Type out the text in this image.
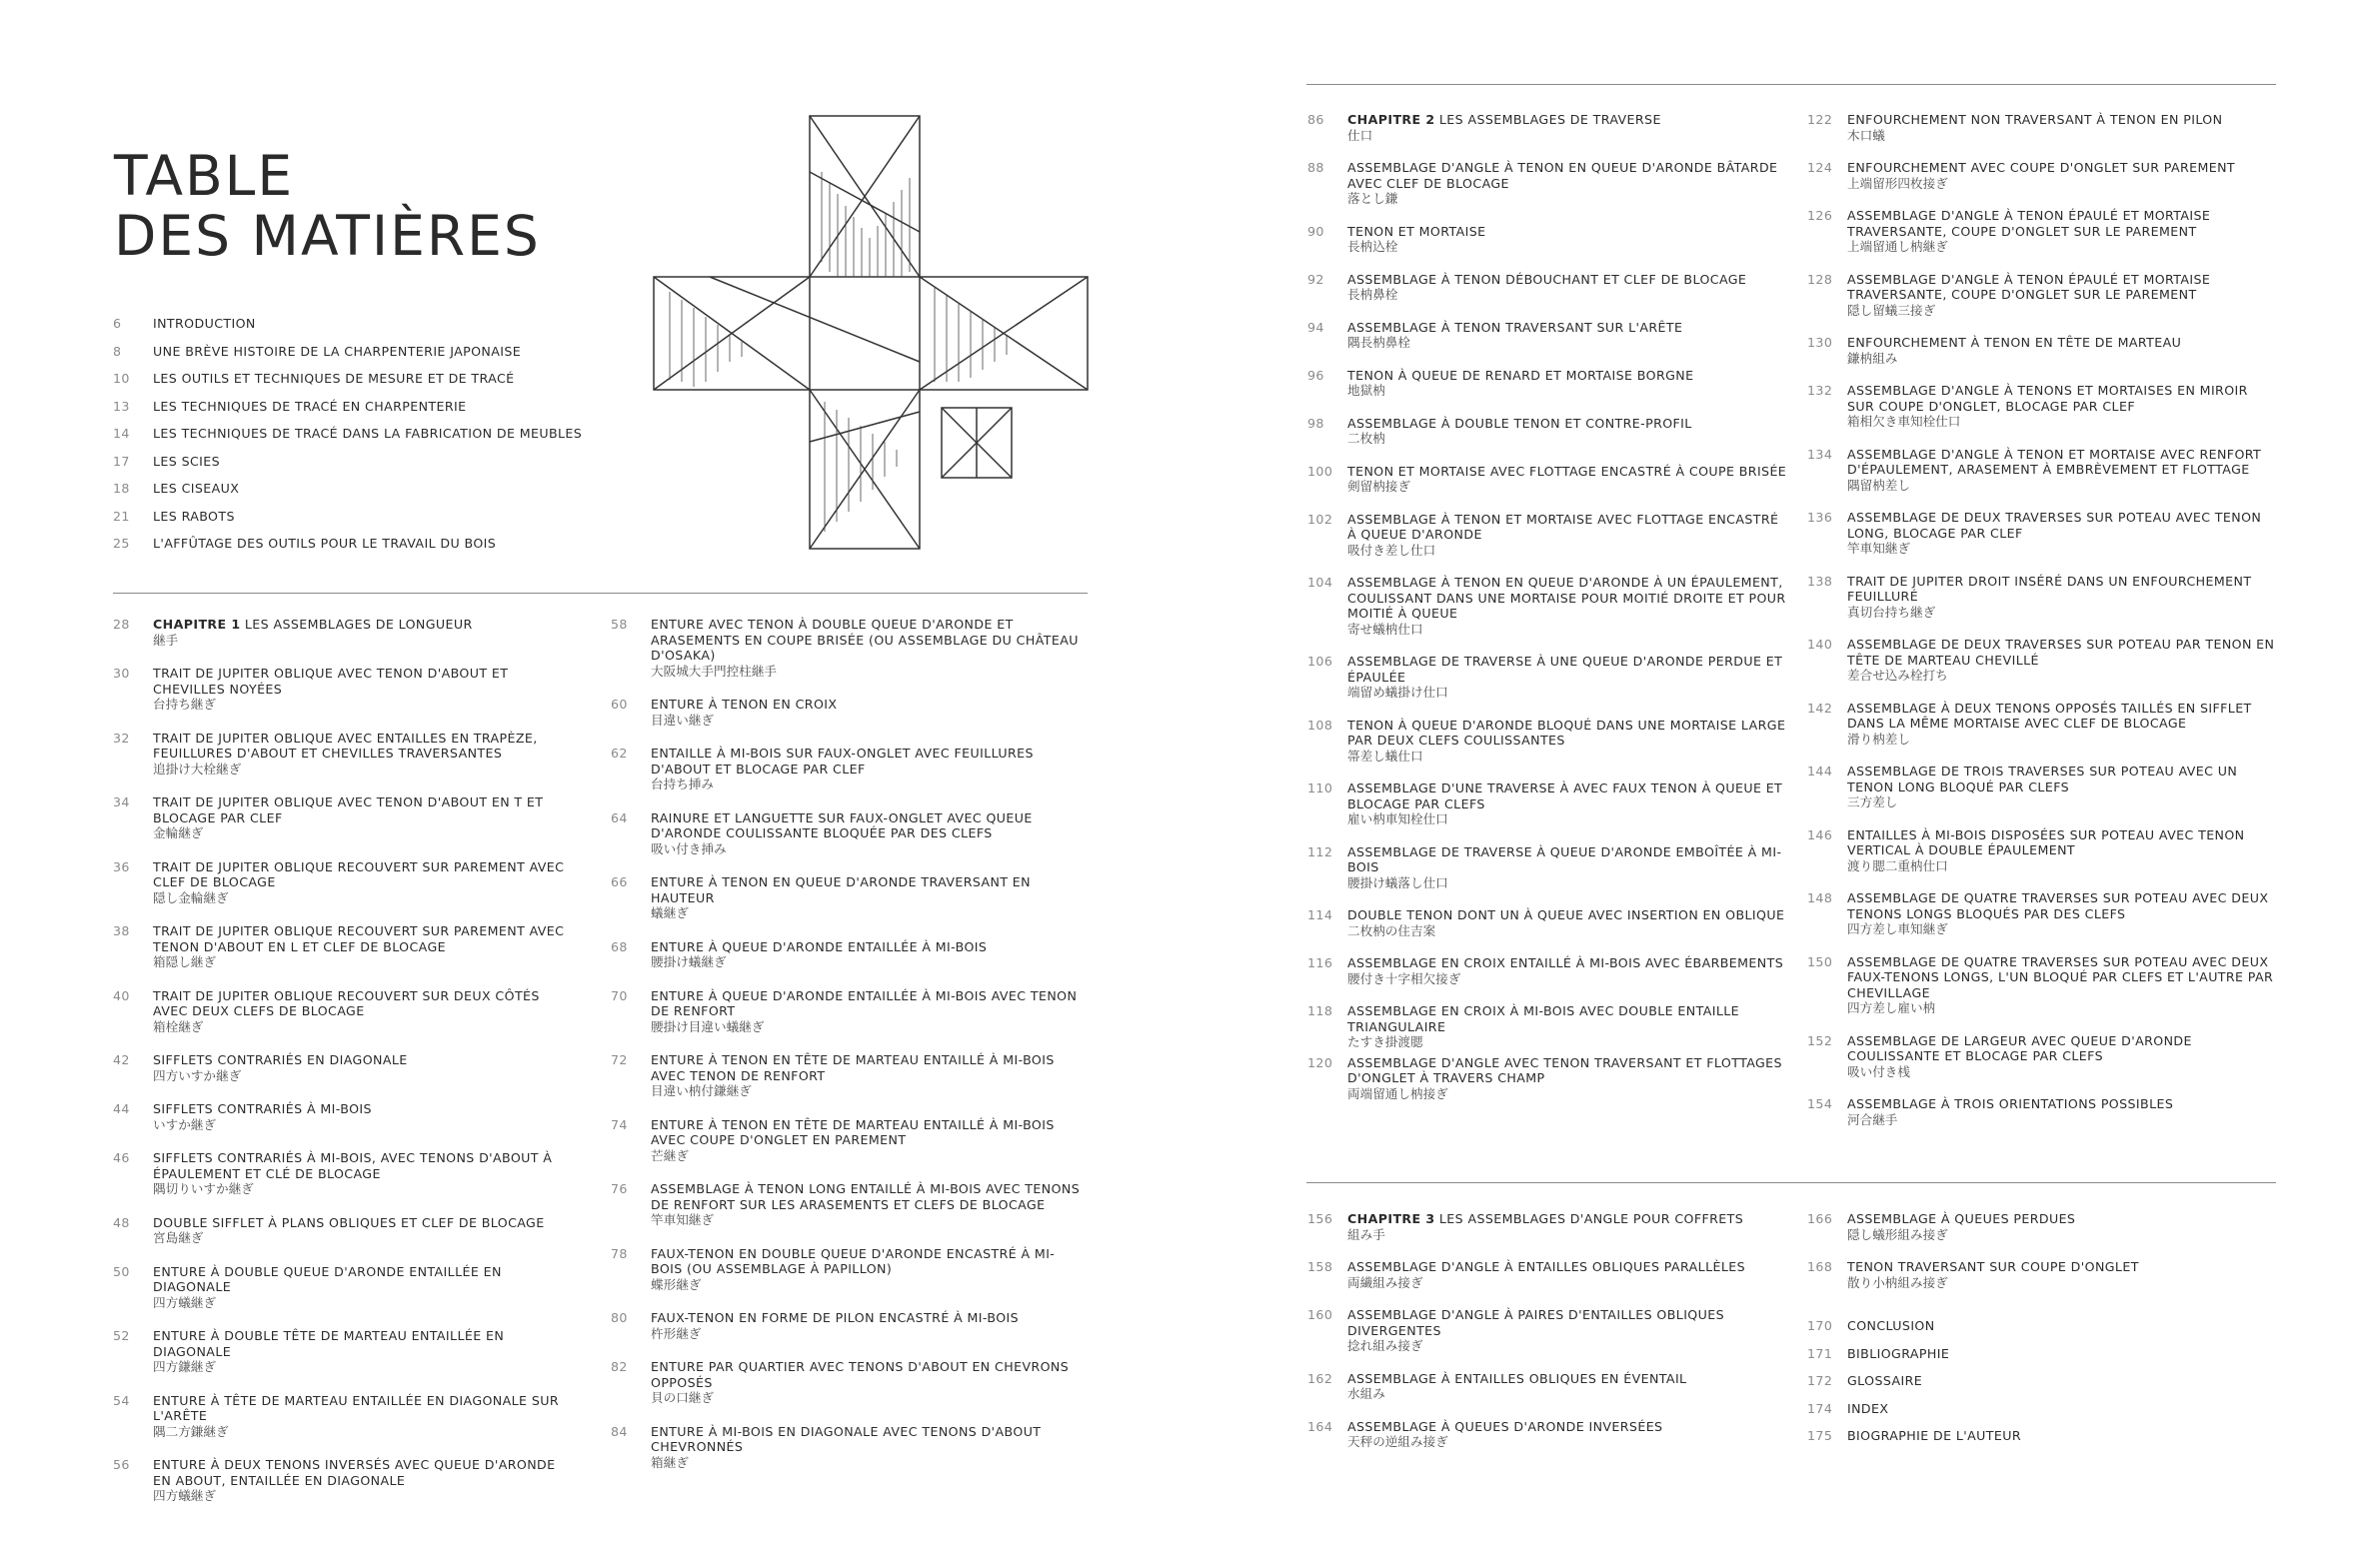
TABLE
DES MATIÈRES
6	INTRODUCTION
8	UNE BRÈVE HISTOIRE DE LA CHARPENTERIE JAPONAISE
10	LES OUTILS ET TECHNIQUES DE MESURE ET DE TRACÉ
13	LES TECHNIQUES DE TRACÉ EN CHARPENTERIE
14	LES TECHNIQUES DE TRACÉ DANS LA FABRICATION DE MEUBLES
17	LES SCIES
18	LES CISEAUX
21	LES RABOTS
25	L'AFFÛTAGE DES OUTILS POUR LE TRAVAIL DU BOIS
28	CHAPITRE 1 LES ASSEMBLAGES DE LONGUEUR
継手
30	TRAIT DE JUPITER OBLIQUE AVEC TENON D'ABOUT ET CHEVILLES NOYÉES
台持ち継ぎ
32	TRAIT DE JUPITER OBLIQUE AVEC ENTAILLES EN TRAPÈZE, FEUILLURES D'ABOUT ET CHEVILLES TRAVERSANTES
追掛け大栓継ぎ
34	TRAIT DE JUPITER OBLIQUE AVEC TENON D'ABOUT EN T ET BLOCAGE PAR CLEF
金輪継ぎ
36	TRAIT DE JUPITER OBLIQUE RECOUVERT SUR PAREMENT AVEC CLEF DE BLOCAGE
隠し金輪継ぎ
38	TRAIT DE JUPITER OBLIQUE RECOUVERT SUR PAREMENT AVEC TENON D'ABOUT EN L ET CLEF DE BLOCAGE
箱隠し継ぎ
40	TRAIT DE JUPITER OBLIQUE RECOUVERT SUR DEUX CÔTÉS AVEC DEUX CLEFS DE BLOCAGE
箱栓継ぎ
42	SIFFLETS CONTRARIÉS EN DIAGONALE
四方いすか継ぎ
44	SIFFLETS CONTRARIÉS À MI-BOIS
いすか継ぎ
46	SIFFLETS CONTRARIÉS À MI-BOIS, AVEC TENONS D'ABOUT À ÉPAULEMENT ET CLÉ DE BLOCAGE
隅切りいすか継ぎ
48	DOUBLE SIFFLET À PLANS OBLIQUES ET CLEF DE BLOCAGE
宮島継ぎ
50	ENTURE À DOUBLE QUEUE D'ARONDE ENTAILLÉE EN DIAGONALE
四方蟻継ぎ
52	ENTURE À DOUBLE TÊTE DE MARTEAU ENTAILLÉE EN DIAGONALE
四方鎌継ぎ
54	ENTURE À TÊTE DE MARTEAU ENTAILLÉE EN DIAGONALE SUR L'ARÊTE
隅二方鎌継ぎ
56	ENTURE À DEUX TENONS INVERSÉS AVEC QUEUE D'ARONDE EN ABOUT, ENTAILLÉE EN DIAGONALE
四方蟻継ぎ
58	ENTURE AVEC TENON À DOUBLE QUEUE D'ARONDE ET ARASEMENTS EN COUPE BRISÉE (OU ASSEMBLAGE DU CHÂTEAU D'OSAKA)
大阪城大手門控柱継手
60	ENTURE À TENON EN CROIX
目違い継ぎ
62	ENTAILLE À MI-BOIS SUR FAUX-ONGLET AVEC FEUILLURES D'ABOUT ET BLOCAGE PAR CLEF
台持ち挿み
64	RAINURE ET LANGUETTE SUR FAUX-ONGLET AVEC QUEUE D'ARONDE COULISSANTE BLOQUÉE PAR DES CLEFS
吸い付き挿み
66	ENTURE À TENON EN QUEUE D'ARONDE TRAVERSANT EN HAUTEUR
蟻継ぎ
68	ENTURE À QUEUE D'ARONDE ENTAILLÉE À MI-BOIS
腰掛け蟻継ぎ
70	ENTURE À QUEUE D'ARONDE ENTAILLÉE À MI-BOIS AVEC TENON DE RENFORT
腰掛け目違い蟻継ぎ
72	ENTURE À TENON EN TÊTE DE MARTEAU ENTAILLÉ À MI-BOIS AVEC TENON DE RENFORT
目違い枘付鎌継ぎ
74	ENTURE À TENON EN TÊTE DE MARTEAU ENTAILLÉ À MI-BOIS AVEC COUPE D'ONGLET EN PAREMENT
芒継ぎ
76	ASSEMBLAGE À TENON LONG ENTAILLÉ À MI-BOIS AVEC TENONS DE RENFORT SUR LES ARASEMENTS ET CLEFS DE BLOCAGE
竿車知継ぎ
78	FAUX-TENON EN DOUBLE QUEUE D'ARONDE ENCASTRÉ À MI-BOIS (OU ASSEMBLAGE À PAPILLON)
蝶形継ぎ
80	FAUX-TENON EN FORME DE PILON ENCASTRÉ À MI-BOIS
杵形継ぎ
82	ENTURE PAR QUARTIER AVEC TENONS D'ABOUT EN CHEVRONS OPPOSÉS
貝の口継ぎ
84	ENTURE À MI-BOIS EN DIAGONALE AVEC TENONS D'ABOUT CHEVRONNÉS
箱継ぎ
86	CHAPITRE 2 LES ASSEMBLAGES DE TRAVERSE
仕口
88	ASSEMBLAGE D'ANGLE À TENON EN QUEUE D'ARONDE BÂTARDE AVEC CLEF DE BLOCAGE
落とし鎌
90	TENON ET MORTAISE
長枘込栓
92	ASSEMBLAGE À TENON DÉBOUCHANT ET CLEF DE BLOCAGE
長枘鼻栓
94	ASSEMBLAGE À TENON TRAVERSANT SUR L'ARÊTE
隅長枘鼻栓
96	TENON À QUEUE DE RENARD ET MORTAISE BORGNE
地獄枘
98	ASSEMBLAGE À DOUBLE TENON ET CONTRE-PROFIL
二枚枘
100	TENON ET MORTAISE AVEC FLOTTAGE ENCASTRÉ À COUPE BRISÉE
剣留枘接ぎ
102	ASSEMBLAGE À TENON ET MORTAISE AVEC FLOTTAGE ENCASTRÉ À QUEUE D'ARONDE
吸付き差し仕口
104	ASSEMBLAGE À TENON EN QUEUE D'ARONDE À UN ÉPAULEMENT, COULISSANT DANS UNE MORTAISE POUR MOITIÉ DROITE ET POUR MOITIÉ À QUEUE
寄せ蟻枘仕口
106	ASSEMBLAGE DE TRAVERSE À UNE QUEUE D'ARONDE PERDUE ET ÉPAULÉE
端留め蟻掛け仕口
108	TENON À QUEUE D'ARONDE BLOQUÉ DANS UNE MORTAISE LARGE PAR DEUX CLEFS COULISSANTES
箒差し蟻仕口
110	ASSEMBLAGE D'UNE TRAVERSE À AVEC FAUX TENON À QUEUE ET BLOCAGE PAR CLEFS
雇い枘車知栓仕口
112	ASSEMBLAGE DE TRAVERSE À QUEUE D'ARONDE EMBOÎTÉE À MI-BOIS
腰掛け蟻落し仕口
114	DOUBLE TENON DONT UN À QUEUE AVEC INSERTION EN OBLIQUE
二枚枘の住吉案
116	ASSEMBLAGE EN CROIX ENTAILLÉ À MI-BOIS AVEC ÉBARBEMENTS
腰付き十字相欠接ぎ
118	ASSEMBLAGE EN CROIX À MI-BOIS AVEC DOUBLE ENTAILLE TRIANGULAIRE
たすき掛渡腮
120	ASSEMBLAGE D'ANGLE AVEC TENON TRAVERSANT ET FLOTTAGES D'ONGLET À TRAVERS CHAMP
両端留通し枘接ぎ
122	ENFOURCHEMENT NON TRAVERSANT À TENON EN PILON
木口蟻
124	ENFOURCHEMENT AVEC COUPE D'ONGLET SUR PAREMENT
上端留形四枚接ぎ
126	ASSEMBLAGE D'ANGLE À TENON ÉPAULÉ ET MORTAISE TRAVERSANTE, COUPE D'ONGLET SUR LE PAREMENT
上端留通し枘継ぎ
128	ASSEMBLAGE D'ANGLE À TENON ÉPAULÉ ET MORTAISE TRAVERSANTE, COUPE D'ONGLET SUR LE PAREMENT
隠し留蟻三接ぎ
130	ENFOURCHEMENT À TENON EN TÊTE DE MARTEAU
鎌枘組み
132	ASSEMBLAGE D'ANGLE À TENONS ET MORTAISES EN MIROIR SUR COUPE D'ONGLET, BLOCAGE PAR CLEF
箱相欠き車知栓仕口
134	ASSEMBLAGE D'ANGLE À TENON ET MORTAISE AVEC RENFORT D'ÉPAULEMENT, ARASEMENT À EMBRÈVEMENT ET FLOTTAGE
隅留枘差し
136	ASSEMBLAGE DE DEUX TRAVERSES SUR POTEAU AVEC TENON LONG, BLOCAGE PAR CLEF
竿車知継ぎ
138	TRAIT DE JUPITER DROIT INSÉRÉ DANS UN ENFOURCHEMENT FEUILLURÉ
真切台持ち継ぎ
140	ASSEMBLAGE DE DEUX TRAVERSES SUR POTEAU PAR TENON EN TÊTE DE MARTEAU CHEVILLÉ
差合せ込み栓打ち
142	ASSEMBLAGE À DEUX TENONS OPPOSÉS TAILLÉS EN SIFFLET DANS LA MÊME MORTAISE AVEC CLEF DE BLOCAGE
滑り枘差し
144	ASSEMBLAGE DE TROIS TRAVERSES SUR POTEAU AVEC UN TENON LONG BLOQUÉ PAR CLEFS
三方差し
146	ENTAILLES À MI-BOIS DISPOSÉES SUR POTEAU AVEC TENON VERTICAL À DOUBLE ÉPAULEMENT
渡り腮二重枘仕口
148	ASSEMBLAGE DE QUATRE TRAVERSES SUR POTEAU AVEC DEUX TENONS LONGS BLOQUÉS PAR DES CLEFS
四方差し車知継ぎ
150	ASSEMBLAGE DE QUATRE TRAVERSES SUR POTEAU AVEC DEUX FAUX-TENONS LONGS, L'UN BLOQUÉ PAR CLEFS ET L'AUTRE PAR CHEVILLAGE
四方差し雇い枘
152	ASSEMBLAGE DE LARGEUR AVEC QUEUE D'ARONDE COULISSANTE ET BLOCAGE PAR CLEFS
吸い付き桟
154	ASSEMBLAGE À TROIS ORIENTATIONS POSSIBLES
河合継手
156	CHAPITRE 3 LES ASSEMBLAGES D'ANGLE POUR COFFRETS
組み手
158	ASSEMBLAGE D'ANGLE À ENTAILLES OBLIQUES PARALLÈLES
両繊組み接ぎ
160	ASSEMBLAGE D'ANGLE À PAIRES D'ENTAILLES OBLIQUES DIVERGENTES
捻れ組み接ぎ
162	ASSEMBLAGE À ENTAILLES OBLIQUES EN ÉVENTAIL
水組み
164	ASSEMBLAGE À QUEUES D'ARONDE INVERSÉES
天秤の逆組み接ぎ
166	ASSEMBLAGE À QUEUES PERDUES
隠し蟻形組み接ぎ
168	TENON TRAVERSANT SUR COUPE D'ONGLET
散り小枘組み接ぎ
170	CONCLUSION
171	BIBLIOGRAPHIE
172	GLOSSAIRE
174	INDEX
175	BIOGRAPHIE DE L'AUTEUR
